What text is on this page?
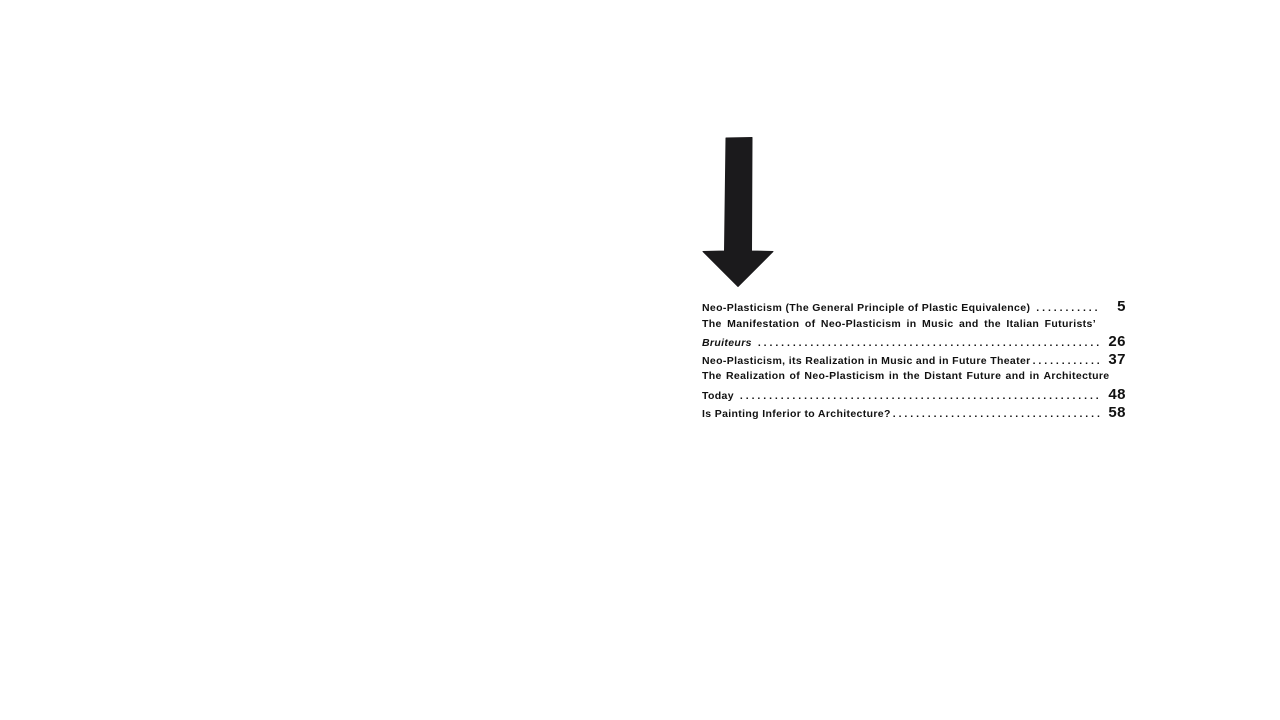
Neo-Plasticism (The General Principle of Plastic Equivalence) . . .	5
The Manifestation of Neo-Plasticism in Music and the Italian Futurists’
Bruiteurs . . .	26
Neo-Plasticism, its Realization in Music and in Future Theater . . .	37
The Realization of Neo-Plasticism in the Distant Future and in Architecture
Today . . .	48
Is Painting Inferior to Architecture? . . .	58
